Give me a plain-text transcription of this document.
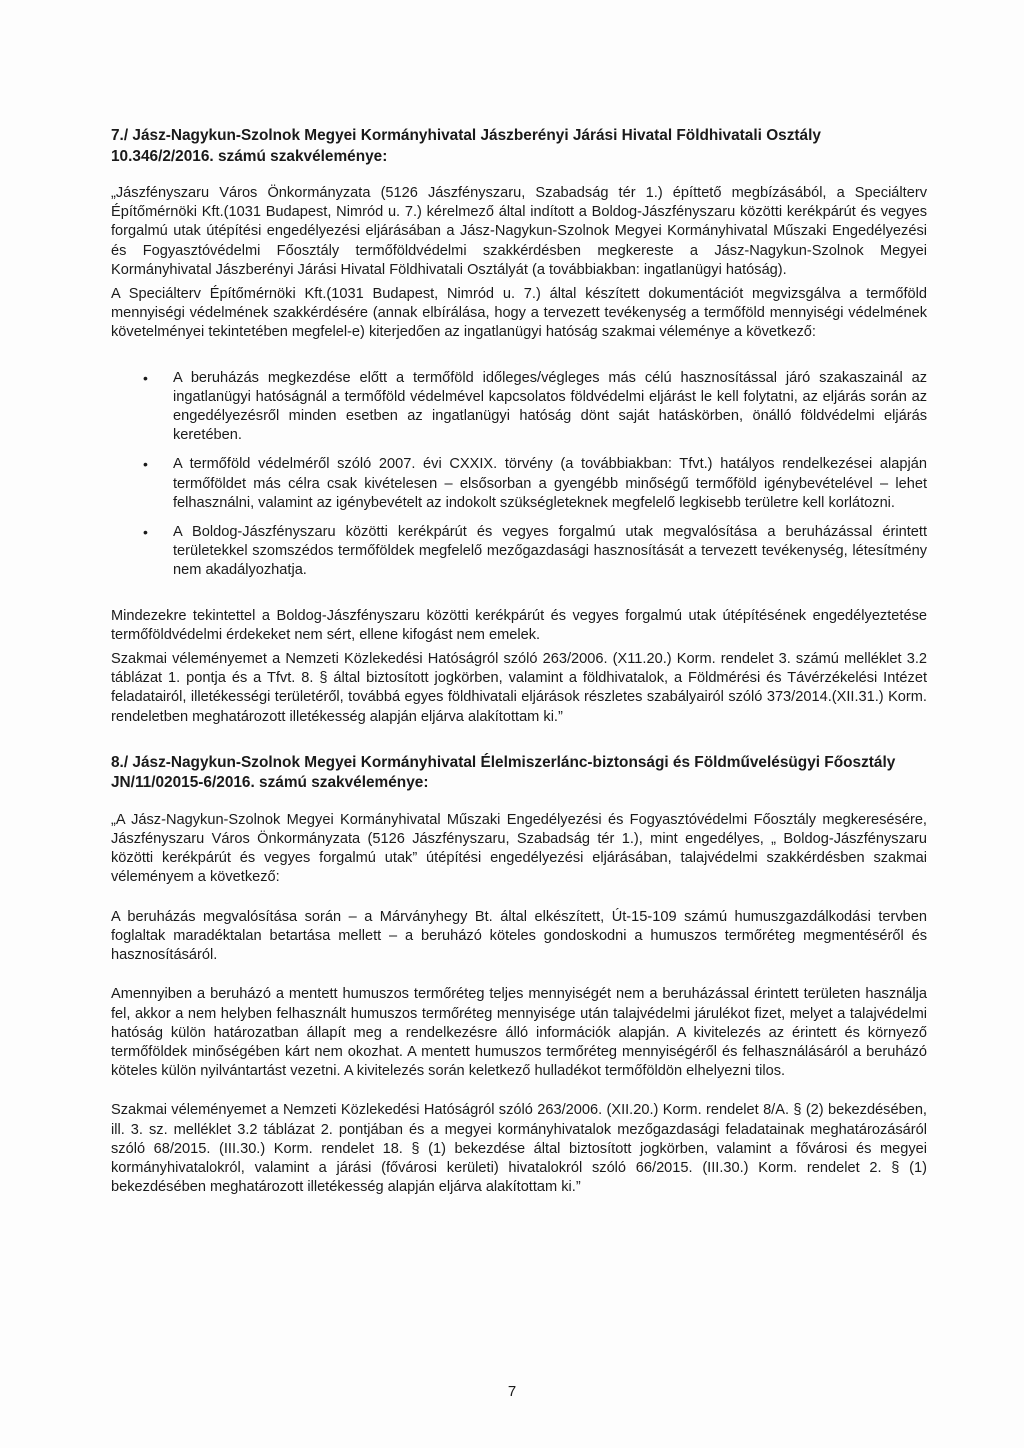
7./ Jász-Nagykun-Szolnok Megyei Kormányhivatal Jászberényi Járási Hivatal Földhivatali Osztály 10.346/2/2016. számú szakvéleménye:

„Jászfényszaru Város Önkormányzata (5126 Jászfényszaru, Szabadság tér 1.) építtető megbízásából, a Speciálterv Építőmérnöki Kft.(1031 Budapest, Nimród u. 7.) kérelmező által indított a Boldog-Jászfényszaru közötti kerékpárút és vegyes forgalmú utak útépítési engedélyezési eljárásában a Jász-Nagykun-Szolnok Megyei Kormányhivatal Műszaki Engedélyezési és Fogyasztóvédelmi Főosztály termőföldvédelmi szakkérdésben megkereste a Jász-Nagykun-Szolnok Megyei Kormányhivatal Jászberényi Járási Hivatal Földhivatali Osztályát (a továbbiakban: ingatlanügyi hatóság).

A Speciálterv Építőmérnöki Kft.(1031 Budapest, Nimród u. 7.) által készített dokumentációt megvizsgálva a termőföld mennyiségi védelmének szakkérdésére (annak elbírálása, hogy a tervezett tevékenység a termőföld mennyiségi védelmének követelményei tekintetében megfelel-e) kiterjedően az ingatlanügyi hatóság szakmai véleménye a következő:

• A beruházás megkezdése előtt a termőföld időleges/végleges más célú hasznosítással járó szakaszainál az ingatlanügyi hatóságnál a termőföld védelmével kapcsolatos földvédelmi eljárást le kell folytatni, az eljárás során az engedélyezésről minden esetben az ingatlanügyi hatóság dönt saját hatáskörben, önálló földvédelmi eljárás keretében.
• A termőföld védelméről szóló 2007. évi CXXIX. törvény (a továbbiakban: Tfvt.) hatályos rendelkezései alapján termőföldet más célra csak kivételesen – elsősorban a gyengébb minőségű termőföld igénybevételével – lehet felhasználni, valamint az igénybevételt az indokolt szükségleteknek megfelelő legkisebb területre kell korlátozni.
• A Boldog-Jászfényszaru közötti kerékpárút és vegyes forgalmú utak megvalósítása a beruházással érintett területekkel szomszédos termőföldek megfelelő mezőgazdasági hasznosítását a tervezett tevékenység, létesítmény nem akadályozhatja.

Mindezekre tekintettel a Boldog-Jászfényszaru közötti kerékpárút és vegyes forgalmú utak útépítésének engedélyeztetése termőföldvédelmi érdekeket nem sért, ellene kifogást nem emelek.

Szakmai véleményemet a Nemzeti Közlekedési Hatóságról szóló 263/2006. (X11.20.) Korm. rendelet 3. számú melléklet 3.2 táblázat 1. pontja és a Tfvt. 8. § által biztosított jogkörben, valamint a földhivatalok, a Földmérési és Távérzékelési Intézet feladatairól, illetékességi területéről, továbbá egyes földhivatali eljárások részletes szabályairól szóló 373/2014.(XII.31.) Korm. rendeletben meghatározott illetékesség alapján eljárva alakítottam ki.”

8./ Jász-Nagykun-Szolnok Megyei Kormányhivatal Élelmiszerlánc-biztonsági és Földművelésügyi Főosztály JN/11/02015-6/2016. számú szakvéleménye:

„A Jász-Nagykun-Szolnok Megyei Kormányhivatal Műszaki Engedélyezési és Fogyasztóvédelmi Főosztály megkeresésére, Jászfényszaru Város Önkormányzata (5126 Jászfényszaru, Szabadság tér 1.), mint engedélyes, „ Boldog-Jászfényszaru közötti kerékpárút és vegyes forgalmú utak” útépítési engedélyezési eljárásában, talajvédelmi szakkérdésben szakmai véleményem a következő:

A beruházás megvalósítása során – a Márványhegy Bt. által elkészített, Út-15-109 számú humuszgazdálkodási tervben foglaltak maradéktalan betartása mellett – a beruházó köteles gondoskodni a humuszos termőréteg megmentéséről és hasznosításáról.

Amennyiben a beruházó a mentett humuszos termőréteg teljes mennyiségét nem a beruházással érintett területen használja fel, akkor a nem helyben felhasznált humuszos termőréteg mennyisége után talajvédelmi járulékot fizet, melyet a talajvédelmi hatóság külön határozatban állapít meg a rendelkezésre álló információk alapján. A kivitelezés az érintett és környező termőföldek minőségében kárt nem okozhat. A mentett humuszos termőréteg mennyiségéről és felhasználásáról a beruházó köteles külön nyilvántartást vezetni. A kivitelezés során keletkező hulladékot termőföldön elhelyezni tilos.

Szakmai véleményemet a Nemzeti Közlekedési Hatóságról szóló 263/2006. (XII.20.) Korm. rendelet 8/A. § (2) bekezdésében, ill. 3. sz. melléklet 3.2 táblázat 2. pontjában és a megyei kormányhivatalok mezőgazdasági feladatainak meghatározásáról szóló 68/2015. (III.30.) Korm. rendelet 18. § (1) bekezdése által biztosított jogkörben, valamint a fővárosi és megyei kormányhivatalokról, valamint a járási (fővárosi kerületi) hivatalokról szóló 66/2015. (III.30.) Korm. rendelet 2. § (1) bekezdésében meghatározott illetékesség alapján eljárva alakítottam ki.”

7
